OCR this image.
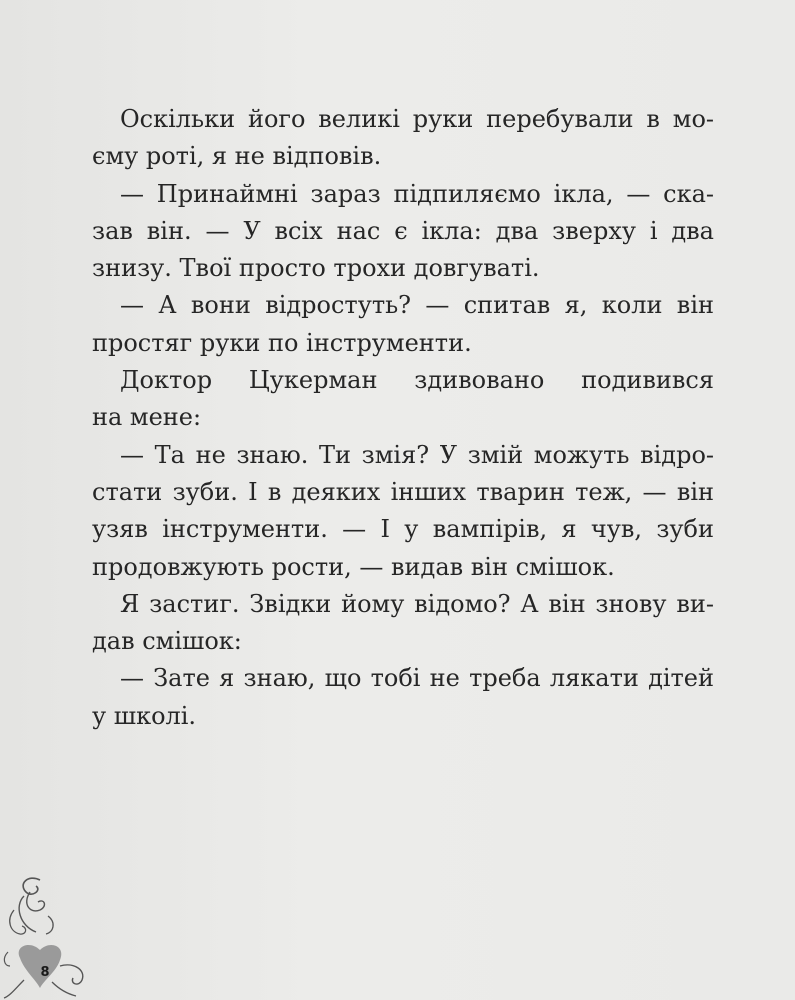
Оскільки його великі руки перебували в мо-
єму роті, я не відповів.
— Принаймні зараз підпиляємо ікла, — ска-
зав він. — У всіх нас є ікла: два зверху і два
знизу. Твої просто трохи довгуваті.
— А вони відростуть? — спитав я, коли він
простяг руки по інструменти.
Доктор Цукерман здивовано подивився
на мене:
— Та не знаю. Ти змія? У змій можуть відро-
стати зуби. І в деяких інших тварин теж, — він
узяв інструменти. — І у вампірів, я чув, зуби
продовжують рости, — видав він смішок.
Я застиг. Звідки йому відомо? А він знову ви-
дав смішок:
— Зате я знаю, що тобі не треба лякати дітей
у школі.
8
